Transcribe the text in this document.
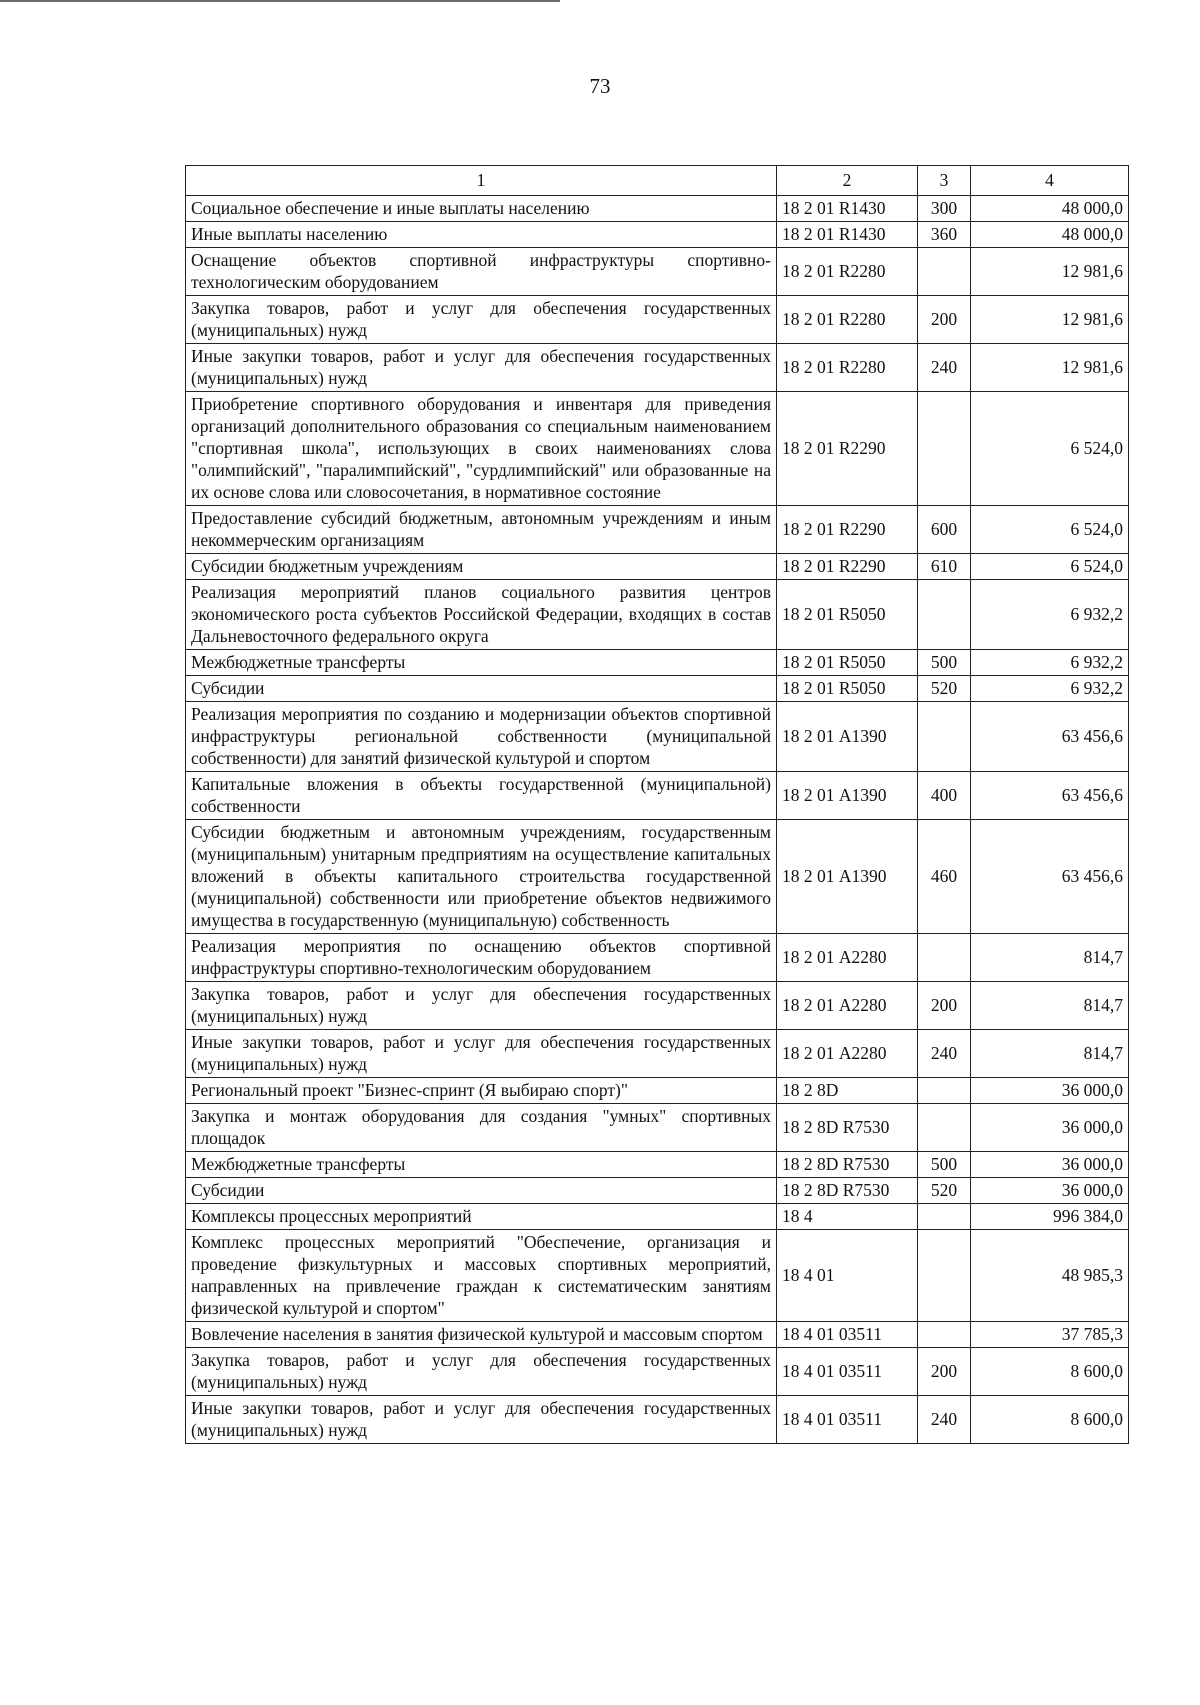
73
1	2	3	4
Социальное обеспечение и иные выплаты населению	18 2 01 R1430	300	48 000,0
Иные выплаты населению	18 2 01 R1430	360	48 000,0
Оснащение объектов спортивной инфраструктуры спортивно-технологическим оборудованием	18 2 01 R2280		12 981,6
Закупка товаров, работ и услуг для обеспечения государственных (муниципальных) нужд	18 2 01 R2280	200	12 981,6
Иные закупки товаров, работ и услуг для обеспечения государственных (муниципальных) нужд	18 2 01 R2280	240	12 981,6
Приобретение спортивного оборудования и инвентаря для приведения организаций дополнительного образования со специальным наименованием "спортивная школа", использующих в своих наименованиях слова "олимпийский", "паралимпийский", "сурдлимпийский" или образованные на их основе слова или словосочетания, в нормативное состояние	18 2 01 R2290		6 524,0
Предоставление субсидий бюджетным, автономным учреждениям и иным некоммерческим организациям	18 2 01 R2290	600	6 524,0
Субсидии бюджетным учреждениям	18 2 01 R2290	610	6 524,0
Реализация мероприятий планов социального развития центров экономического роста субъектов Российской Федерации, входящих в состав Дальневосточного федерального округа	18 2 01 R5050		6 932,2
Межбюджетные трансферты	18 2 01 R5050	500	6 932,2
Субсидии	18 2 01 R5050	520	6 932,2
Реализация мероприятия по созданию и модернизации объектов спортивной инфраструктуры региональной собственности (муниципальной собственности) для занятий физической культурой и спортом	18 2 01 А1390		63 456,6
Капитальные вложения в объекты государственной (муниципальной) собственности	18 2 01 А1390	400	63 456,6
Субсидии бюджетным и автономным учреждениям, государственным (муниципальным) унитарным предприятиям на осуществление капитальных вложений в объекты капитального строительства государственной (муниципальной) собственности или приобретение объектов недвижимого имущества в государственную (муниципальную) собственность	18 2 01 А1390	460	63 456,6
Реализация мероприятия по оснащению объектов спортивной инфраструктуры спортивно-технологическим оборудованием	18 2 01 А2280		814,7
Закупка товаров, работ и услуг для обеспечения государственных (муниципальных) нужд	18 2 01 А2280	200	814,7
Иные закупки товаров, работ и услуг для обеспечения государственных (муниципальных) нужд	18 2 01 А2280	240	814,7
Региональный проект "Бизнес-спринт (Я выбираю спорт)"	18 2 8D		36 000,0
Закупка и монтаж оборудования для создания "умных" спортивных площадок	18 2 8D R7530		36 000,0
Межбюджетные трансферты	18 2 8D R7530	500	36 000,0
Субсидии	18 2 8D R7530	520	36 000,0
Комплексы процессных мероприятий	18 4		996 384,0
Комплекс процессных мероприятий "Обеспечение, организация и проведение физкультурных и массовых спортивных мероприятий, направленных на привлечение граждан к систематическим занятиям физической культурой и спортом"	18 4 01		48 985,3
Вовлечение населения в занятия физической культурой и массовым спортом	18 4 01 03511		37 785,3
Закупка товаров, работ и услуг для обеспечения государственных (муниципальных) нужд	18 4 01 03511	200	8 600,0
Иные закупки товаров, работ и услуг для обеспечения государственных (муниципальных) нужд	18 4 01 03511	240	8 600,0
